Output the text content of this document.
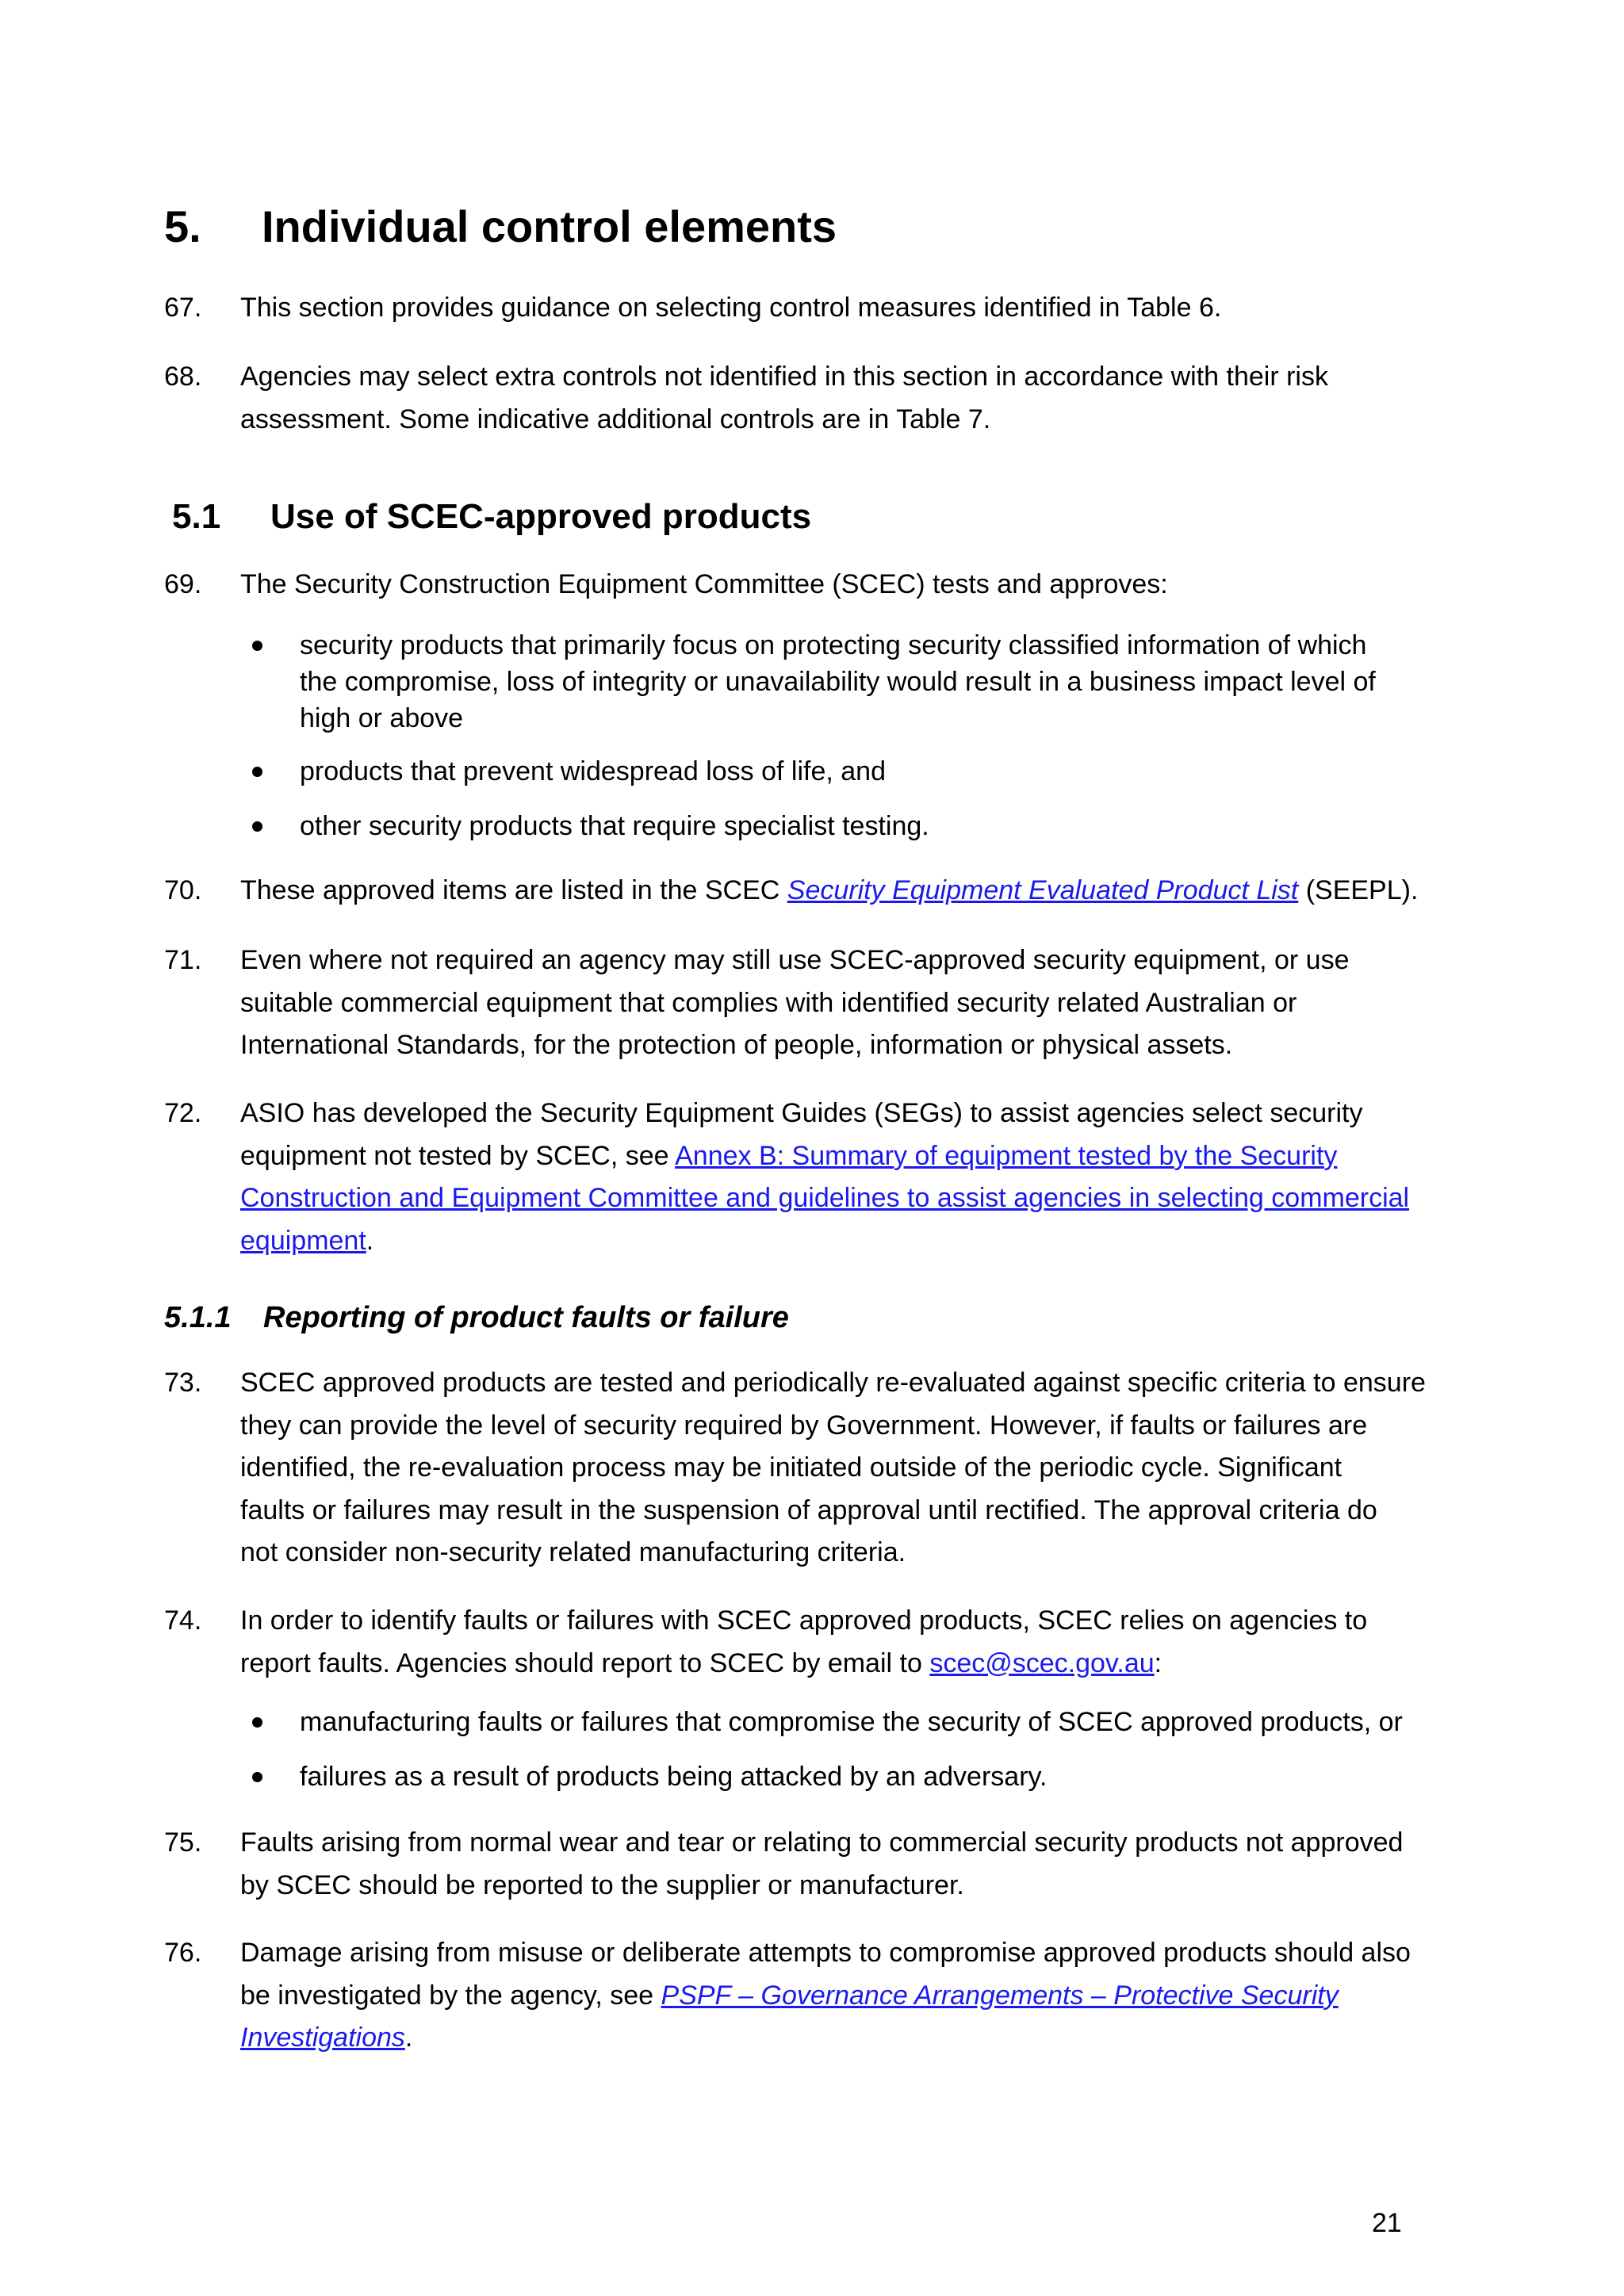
5. Individual control elements
67. This section provides guidance on selecting control measures identified in Table 6.
68. Agencies may select extra controls not identified in this section in accordance with their risk
assessment. Some indicative additional controls are in Table 7.
5.1 Use of SCEC-approved products
69. The Security Construction Equipment Committee (SCEC) tests and approves:
security products that primarily focus on protecting security classified information of which
the compromise, loss of integrity or unavailability would result in a business impact level of
high or above
products that prevent widespread loss of life, and
other security products that require specialist testing.
70. These approved items are listed in the SCEC Security Equipment Evaluated Product List (SEEPL).
71. Even where not required an agency may still use SCEC-approved security equipment, or use
suitable commercial equipment that complies with identified security related Australian or
International Standards, for the protection of people, information or physical assets.
72. ASIO has developed the Security Equipment Guides (SEGs) to assist agencies select security
equipment not tested by SCEC, see Annex B: Summary of equipment tested by the Security
Construction and Equipment Committee and guidelines to assist agencies in selecting commercial
equipment.
5.1.1 Reporting of product faults or failure
73. SCEC approved products are tested and periodically re-evaluated against specific criteria to ensure
they can provide the level of security required by Government. However, if faults or failures are
identified, the re-evaluation process may be initiated outside of the periodic cycle. Significant
faults or failures may result in the suspension of approval until rectified. The approval criteria do
not consider non-security related manufacturing criteria.
74. In order to identify faults or failures with SCEC approved products, SCEC relies on agencies to
report faults. Agencies should report to SCEC by email to scec@scec.gov.au:
manufacturing faults or failures that compromise the security of SCEC approved products, or
failures as a result of products being attacked by an adversary.
75. Faults arising from normal wear and tear or relating to commercial security products not approved
by SCEC should be reported to the supplier or manufacturer.
76. Damage arising from misuse or deliberate attempts to compromise approved products should also
be investigated by the agency, see PSPF – Governance Arrangements – Protective Security
Investigations.
21
